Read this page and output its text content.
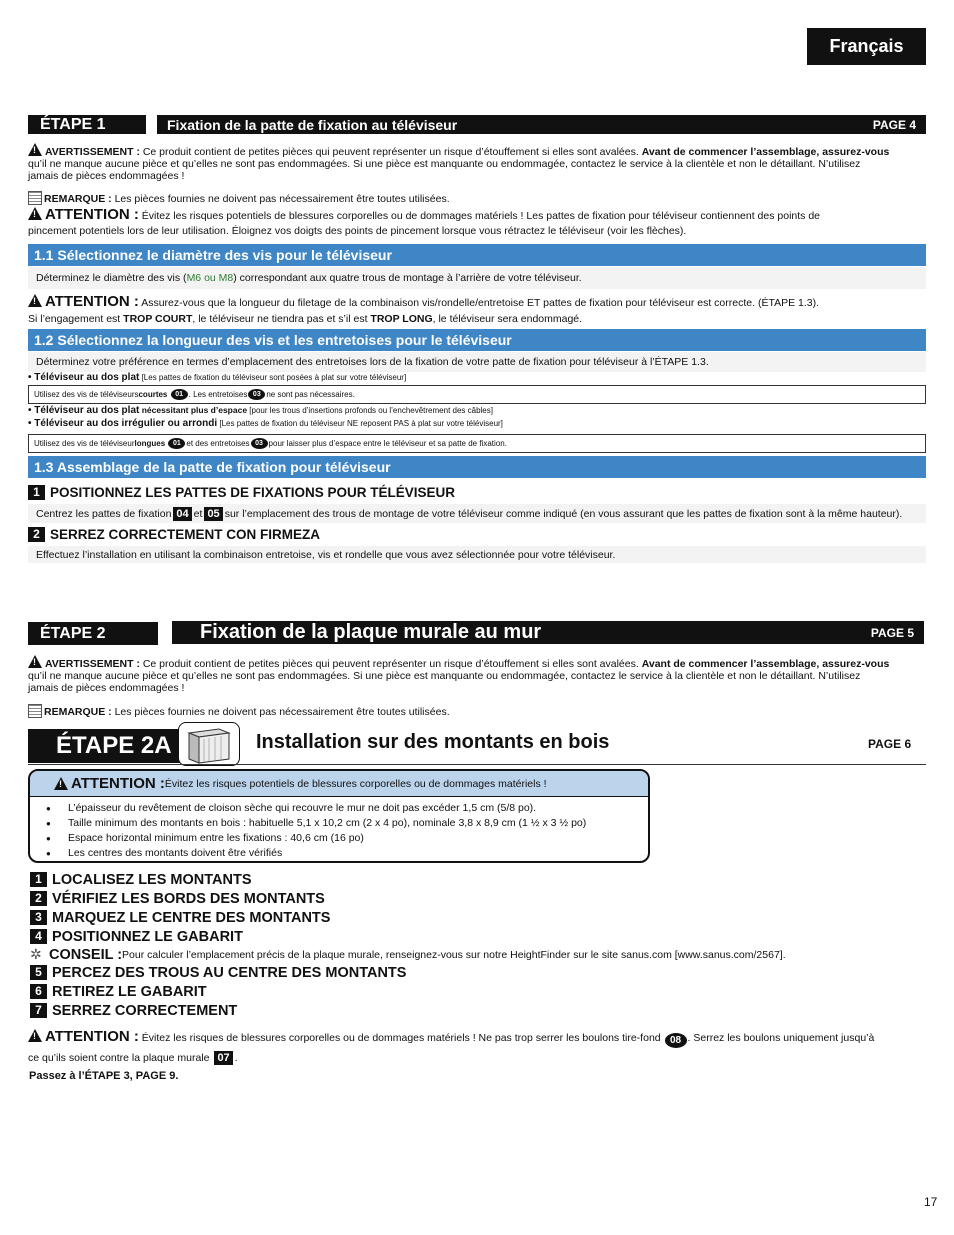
Français
ÉTAPE 1	Fixation de la patte de fixation au téléviseur	PAGE 4
!AVERTISSEMENT : Ce produit contient de petites pièces qui peuvent représenter un risque d’étouffement si elles sont avalées. Avant de commencer l’assemblage, assurez-vous
qu’il ne manque aucune pièce et qu’elles ne sont pas endommagées. Si une pièce est manquante ou endommagée, contactez le service à la clientèle et non le détaillant. N’utilisez
jamais de pièces endommagées !
REMARQUE : Les pièces fournies ne doivent pas nécessairement être toutes utilisées.
!ATTENTION : Évitez les risques potentiels de blessures corporelles ou de dommages matériels ! Les pattes de fixation pour téléviseur contiennent des points de
pincement potentiels lors de leur utilisation. Éloignez vos doigts des points de pincement lorsque vous rétractez le téléviseur (voir les flèches).
1.1 Sélectionnez le diamètre des vis pour le téléviseur
Déterminez le diamètre des vis ( M6 ou M8 ) correspondant aux quatre trous de montage à l’arrière de votre téléviseur.
!ATTENTION : Assurez-vous que la longueur du filetage de la combinaison vis/rondelle/entretoise ET pattes de fixation pour téléviseur est correcte. (ÉTAPE 1.3).
Si l’engagement est TROP COURT, le téléviseur ne tiendra pas et s’il est TROP LONG, le téléviseur sera endommagé.
1.2 Sélectionnez la longueur des vis et les entretoises pour le téléviseur
Déterminez votre préférence en termes d’emplacement des entretoises lors de la fixation de votre patte de fixation pour téléviseur à l’ÉTAPE 1.3.
• Téléviseur au dos plat [Les pattes de fixation du téléviseur sont posées à plat sur votre téléviseur]
Utilisez des vis de téléviseurs courtes
	01 . Les entretoises 03 ne sont pas nécessaires.
• Téléviseur au dos plat nécessitant plus d’espace [pour les trous d’insertions profonds ou l’enchevêtrement des câbles]
• Téléviseur au dos irrégulier ou arrondi [Les pattes de fixation du téléviseur NE reposent PAS à plat sur votre téléviseur]
Utilisez des vis de téléviseur longues
	01 et des entretoises 03 pour laisser plus d’espace entre le téléviseur et sa patte de fixation.
1.3 Assemblage de la patte de fixation pour téléviseur
1 POSITIONNEZ LES PATTES DE FIXATIONS POUR TÉLÉVISEUR
Centrez les pattes de fixation 04 et 05 sur l’emplacement des trous de montage de votre téléviseur comme indiqué (en vous assurant que les pattes de fixation sont à la même hauteur).
2 SERREZ CORRECTEMENT CON FIRMEZA
Effectuez l’installation en utilisant la combinaison entretoise, vis et rondelle que vous avez sélectionnée pour votre téléviseur.
ÉTAPE 2	Fixation de la plaque murale au mur	PAGE 5
!AVERTISSEMENT : Ce produit contient de petites pièces qui peuvent représenter un risque d’étouffement si elles sont avalées. Avant de commencer l’assemblage, assurez-vous
qu’il ne manque aucune pièce et qu’elles ne sont pas endommagées. Si une pièce est manquante ou endommagée, contactez le service à la clientèle et non le détaillant. N’utilisez
jamais de pièces endommagées !
REMARQUE : Les pièces fournies ne doivent pas nécessairement être toutes utilisées.
ÉTAPE 2A	Installation sur des montants en bois	PAGE 6
!
ATTENTION : Évitez les risques potentiels de blessures corporelles ou de dommages matériels !
● L’épaisseur du revêtement de cloison sèche qui recouvre le mur ne doit pas excéder 1,5 cm (5/8 po).
● Taille minimum des montants en bois : habituelle 5,1 x 10,2 cm (2 x 4 po), nominale 3,8 x 8,9 cm (1 ½ x 3 ½ po)
● Espace horizontal minimum entre les fixations : 40,6 cm (16 po)
● Les centres des montants doivent être vérifiés
1 LOCALISEZ LES MONTANTS
2 VÉRIFIEZ LES BORDS DES MONTANTS
3 MARQUEZ LE CENTRE DES MONTANTS
4 POSITIONNEZ LE GABARIT
✲ CONSEIL : Pour calculer l’emplacement précis de la plaque murale, renseignez-vous sur notre HeightFinder sur le site sanus.com [www.sanus.com/2567].
5 PERCEZ DES TROUS AU CENTRE DES MONTANTS
6 RETIREZ LE GABARIT
7 SERREZ CORRECTEMENT
!ATTENTION : Évitez les risques de blessures corporelles ou de dommages matériels ! Ne pas trop serrer les boulons tire-fond 08 . Serrez les boulons uniquement jusqu’à
ce qu’ils soient contre la plaque murale 07 .
Passez à l’ÉTAPE 3, PAGE 9.
17
